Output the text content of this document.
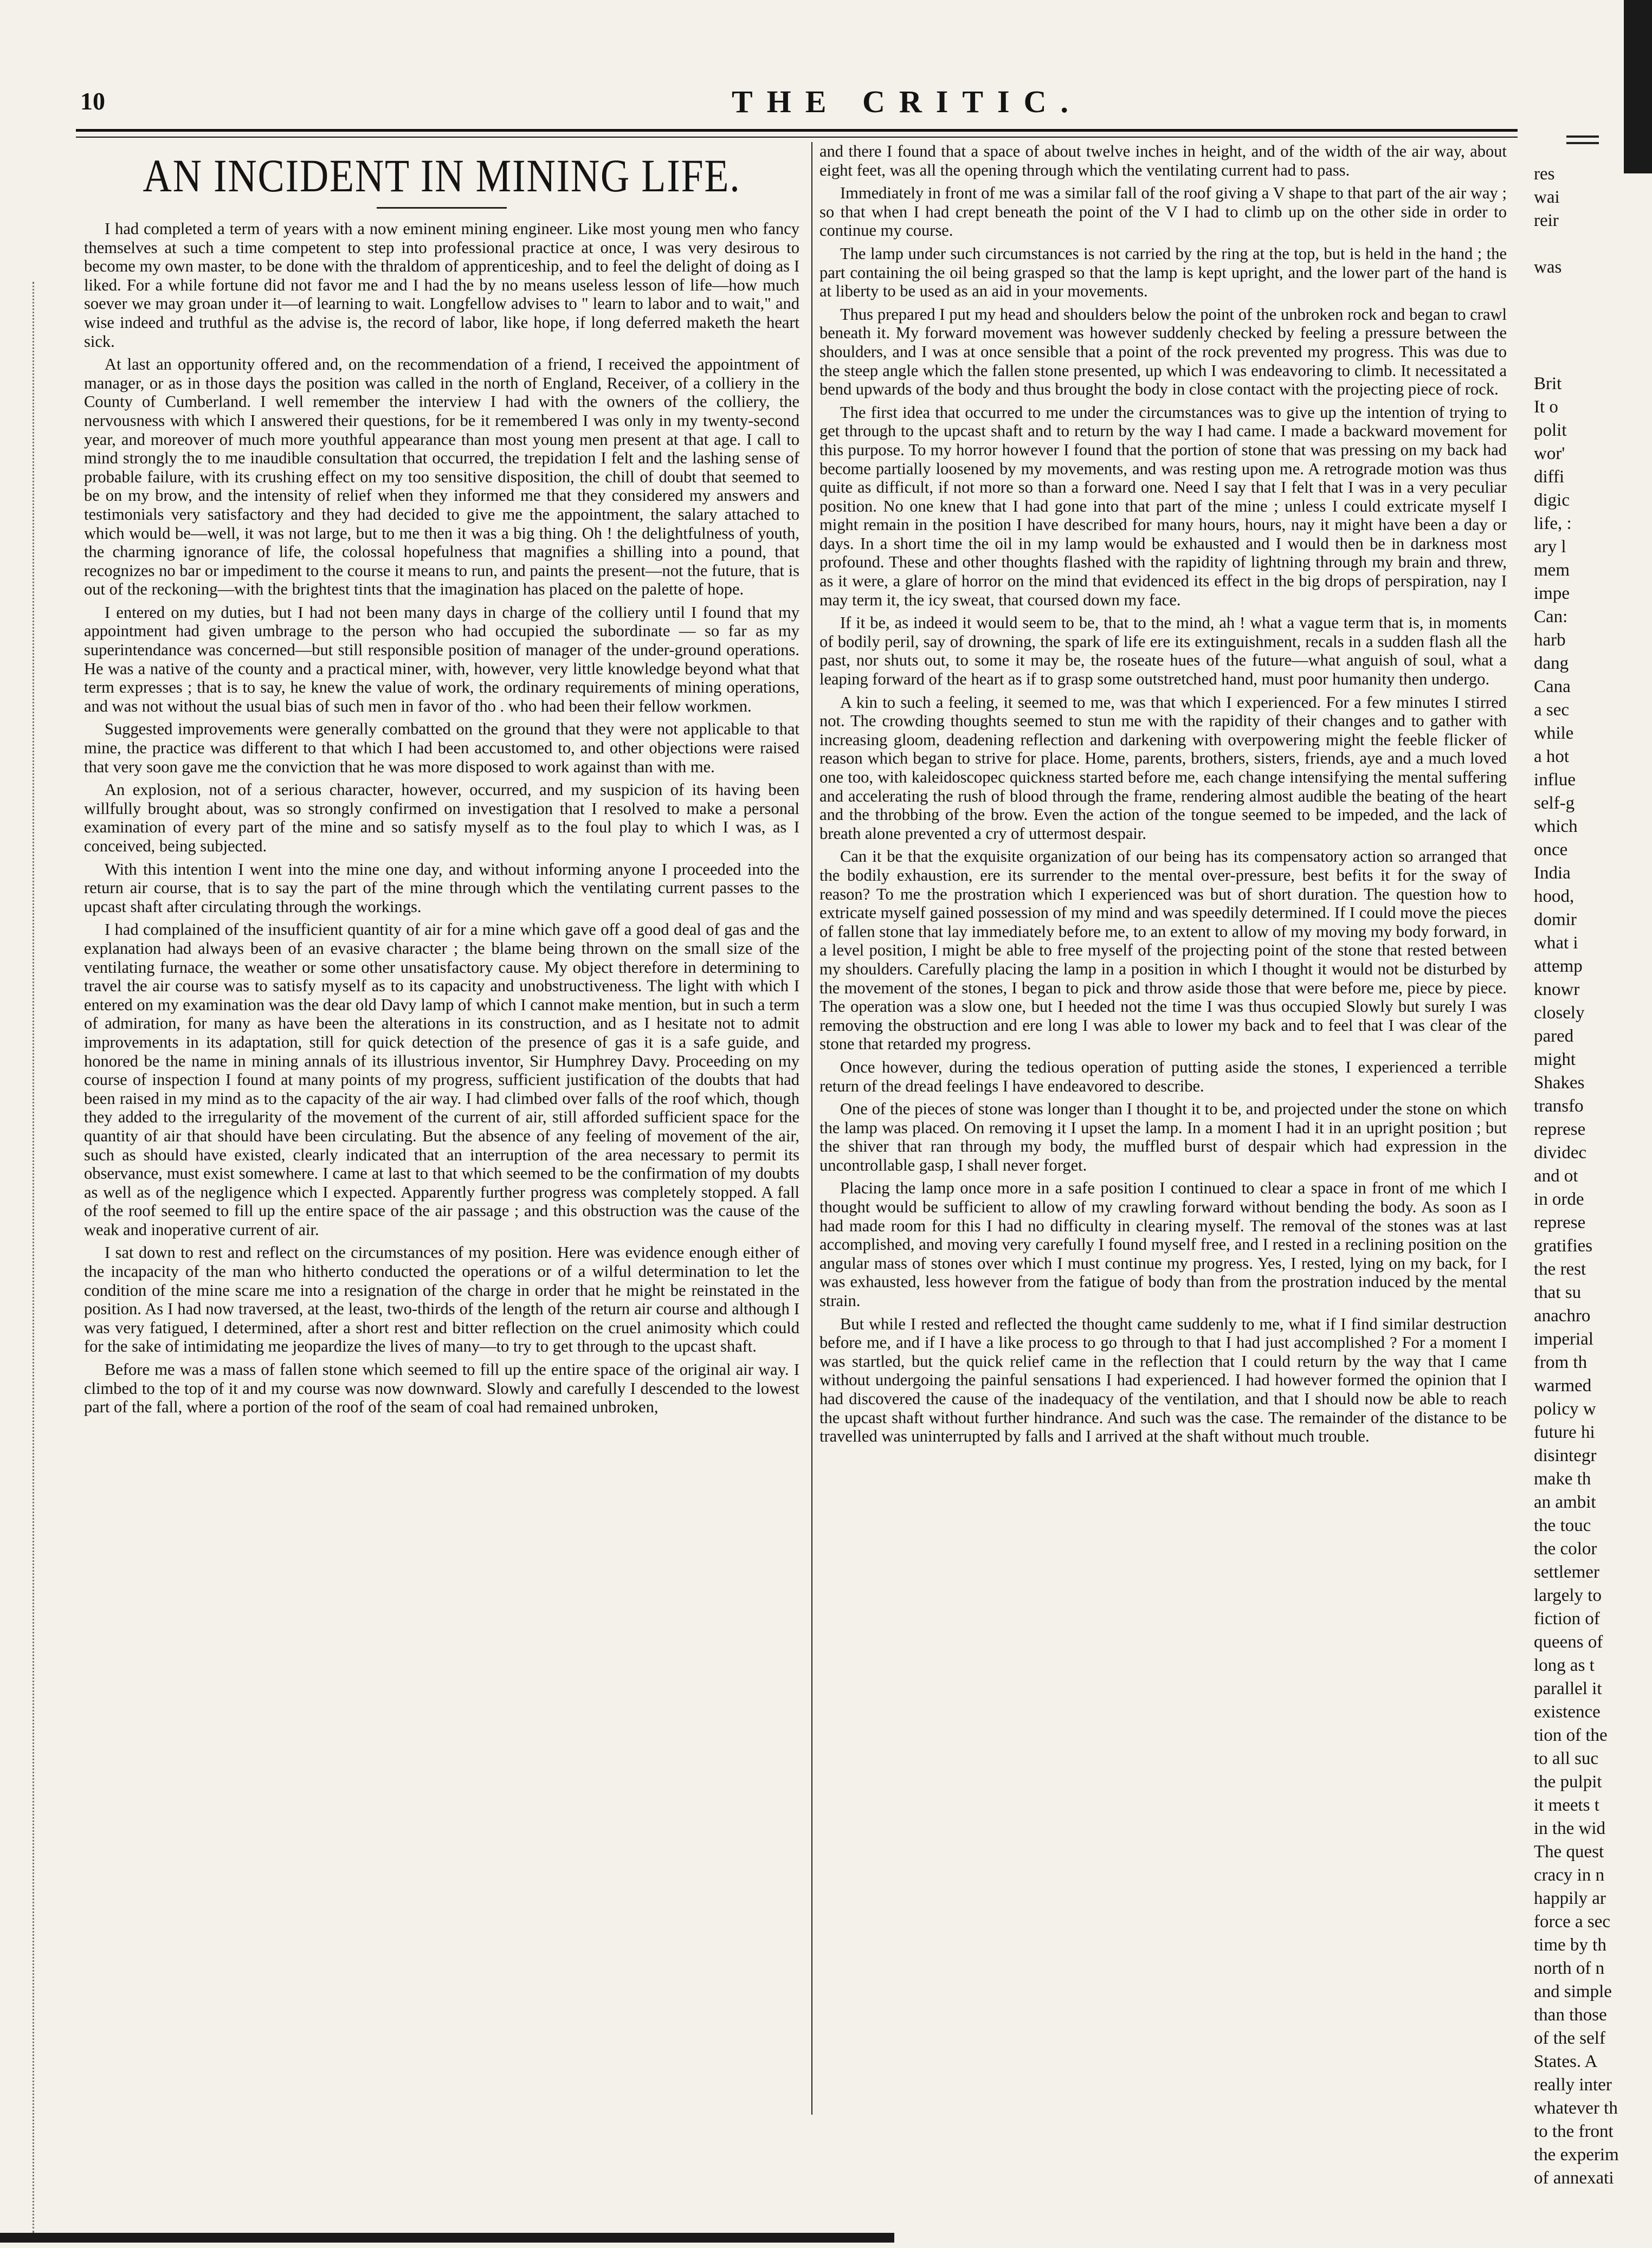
10	THE CRITIC.
AN INCIDENT IN MINING LIFE.

I had completed a term of years with a now eminent mining engineer. Like most young men who fancy themselves at such a time competent to step into professional practice at once, I was very desirous to become my own master, to be done with the thraldom of apprenticeship, and to feel the delight of doing as I liked. For a while fortune did not favor me and I had the by no means useless lesson of life—how much soever we may groan under it—of learning to wait. Longfellow advises to " learn to labor and to wait," and wise indeed and truthful as the advise is, the record of labor, like hope, if long deferred maketh the heart sick.

At last an opportunity offered and, on the recommendation of a friend, I received the appointment of manager, or as in those days the position was called in the north of England, Receiver, of a colliery in the County of Cumberland. I well remember the interview I had with the owners of the colliery, the nervousness with which I answered their questions, for be it remembered I was only in my twenty-second year, and moreover of much more youthful appearance than most young men present at that age. I call to mind strongly the to me inaudible consultation that occurred, the trepidation I felt and the lashing sense of probable failure, with its crushing effect on my too sensitive disposition, the chill of doubt that seemed to be on my brow, and the intensity of relief when they informed me that they considered my answers and testimonials very satisfactory and they had decided to give me the appointment, the salary attached to which would be—well, it was not large, but to me then it was a big thing. Oh ! the delightfulness of youth, the charming ignorance of life, the colossal hopefulness that magnifies a shilling into a pound, that recognizes no bar or impediment to the course it means to run, and paints the present—not the future, that is out of the reckoning—with the brightest tints that the imagination has placed on the palette of hope.

I entered on my duties, but I had not been many days in charge of the colliery until I found that my appointment had given umbrage to the person who had occupied the subordinate — so far as my superintendance was concerned—but still responsible position of manager of the under-ground operations. He was a native of the county and a practical miner, with, however, very little knowledge beyond what that term expresses ; that is to say, he knew the value of work, the ordinary requirements of mining operations, and was not without the usual bias of such men in favor of tho . who had been their fellow workmen.

Suggested improvements were generally combatted on the ground that they were not applicable to that mine, the practice was different to that which I had been accustomed to, and other objections were raised that very soon gave me the conviction that he was more disposed to work against than with me.

An explosion, not of a serious character, however, occurred, and my suspicion of its having been willfully brought about, was so strongly confirmed on investigation that I resolved to make a personal examination of every part of the mine and so satisfy myself as to the foul play to which I was, as I conceived, being subjected.

With this intention I went into the mine one day, and without informing anyone I proceeded into the return air course, that is to say the part of the mine through which the ventilating current passes to the upcast shaft after circulating through the workings.

I had complained of the insufficient quantity of air for a mine which gave off a good deal of gas and the explanation had always been of an evasive character ; the blame being thrown on the small size of the ventilating furnace, the weather or some other unsatisfactory cause. My object therefore in determining to travel the air course was to satisfy myself as to its capacity and unobstructiveness. The light with which I entered on my examination was the dear old Davy lamp of which I cannot make mention, but in such a term of admiration, for many as have been the alterations in its construction, and as I hesitate not to admit improvements in its adaptation, still for quick detection of the presence of gas it is a safe guide, and honored be the name in mining annals of its illustrious inventor, Sir Humphrey Davy. Proceeding on my course of inspection I found at many points of my progress, sufficient justification of the doubts that had been raised in my mind as to the capacity of the air way. I had climbed over falls of the roof which, though they added to the irregularity of the movement of the current of air, still afforded sufficient space for the quantity of air that should have been circulating. But the absence of any feeling of movement of the air, such as should have existed, clearly indicated that an interruption of the area necessary to permit its observance, must exist somewhere. I came at last to that which seemed to be the confirmation of my doubts as well as of the negligence which I expected. Apparently further progress was completely stopped. A fall of the roof seemed to fill up the entire space of the air passage ; and this obstruction was the cause of the weak and inoperative current of air.

I sat down to rest and reflect on the circumstances of my position. Here was evidence enough either of the incapacity of the man who hitherto conducted the operations or of a wilful determination to let the condition of the mine scare me into a resignation of the charge in order that he might be reinstated in the position. As I had now traversed, at the least, two-thirds of the length of the return air course and although I was very fatigued, I determined, after a short rest and bitter reflection on the cruel animosity which could for the sake of intimidating me jeopardize the lives of many—to try to get through to the upcast shaft.

Before me was a mass of fallen stone which seemed to fill up the entire space of the original air way. I climbed to the top of it and my course was now downward. Slowly and carefully I descended to the lowest part of the fall, where a portion of the roof of the seam of coal had remained unbroken,

and there I found that a space of about twelve inches in height, and of the width of the air way, about eight feet, was all the opening through which the ventilating current had to pass.

Immediately in front of me was a similar fall of the roof giving a V shape to that part of the air way ; so that when I had crept beneath the point of the V I had to climb up on the other side in order to continue my course.

The lamp under such circumstances is not carried by the ring at the top, but is held in the hand ; the part containing the oil being grasped so that the lamp is kept upright, and the lower part of the hand is at liberty to be used as an aid in your movements.

Thus prepared I put my head and shoulders below the point of the unbroken rock and began to crawl beneath it. My forward movement was however suddenly checked by feeling a pressure between the shoulders, and I was at once sensible that a point of the rock prevented my progress. This was due to the steep angle which the fallen stone presented, up which I was endeavoring to climb. It necessitated a bend upwards of the body and thus brought the body in close contact with the projecting piece of rock.

The first idea that occurred to me under the circumstances was to give up the intention of trying to get through to the upcast shaft and to return by the way I had came. I made a backward movement for this purpose. To my horror however I found that the portion of stone that was pressing on my back had become partially loosened by my movements, and was resting upon me. A retrograde motion was thus quite as difficult, if not more so than a forward one. Need I say that I felt that I was in a very peculiar position. No one knew that I had gone into that part of the mine ; unless I could extricate myself I might remain in the position I have described for many hours, hours, nay it might have been a day or days. In a short time the oil in my lamp would be exhausted and I would then be in darkness most profound. These and other thoughts flashed with the rapidity of lightning through my brain and threw, as it were, a glare of horror on the mind that evidenced its effect in the big drops of perspiration, nay I may term it, the icy sweat, that coursed down my face.

If it be, as indeed it would seem to be, that to the mind, ah ! what a vague term that is, in moments of bodily peril, say of drowning, the spark of life ere its extinguishment, recals in a sudden flash all the past, nor shuts out, to some it may be, the roseate hues of the future—what anguish of soul, what a leaping forward of the heart as if to grasp some outstretched hand, must poor humanity then undergo.

A kin to such a feeling, it seemed to me, was that which I experienced. For a few minutes I stirred not. The crowding thoughts seemed to stun me with the rapidity of their changes and to gather with increasing gloom, deadening reflection and darkening with overpowering might the feeble flicker of reason which began to strive for place. Home, parents, brothers, sisters, friends, aye and a much loved one too, with kaleidoscopec quickness started before me, each change intensifying the mental suffering and accelerating the rush of blood through the frame, rendering almost audible the beating of the heart and the throbbing of the brow. Even the action of the tongue seemed to be impeded, and the lack of breath alone prevented a cry of uttermost despair.

Can it be that the exquisite organization of our being has its compensatory action so arranged that the bodily exhaustion, ere its surrender to the mental over-pressure, best befits it for the sway of reason? To me the prostration which I experienced was but of short duration. The question how to extricate myself gained possession of my mind and was speedily determined. If I could move the pieces of fallen stone that lay immediately before me, to an extent to allow of my moving my body forward, in a level position, I might be able to free myself of the projecting point of the stone that rested between my shoulders. Carefully placing the lamp in a position in which I thought it would not be disturbed by the movement of the stones, I began to pick and throw aside those that were before me, piece by piece. The operation was a slow one, but I heeded not the time I was thus occupied Slowly but surely I was removing the obstruction and ere long I was able to lower my back and to feel that I was clear of the stone that retarded my progress.

Once however, during the tedious operation of putting aside the stones, I experienced a terrible return of the dread feelings I have endeavored to describe.

One of the pieces of stone was longer than I thought it to be, and projected under the stone on which the lamp was placed. On removing it I upset the lamp. In a moment I had it in an upright position ; but the shiver that ran through my body, the muffled burst of despair which had expression in the uncontrollable gasp, I shall never forget.

Placing the lamp once more in a safe position I continued to clear a space in front of me which I thought would be sufficient to allow of my crawling forward without bending the body. As soon as I had made room for this I had no difficulty in clearing myself. The removal of the stones was at last accomplished, and moving very carefully I found myself free, and I rested in a reclining position on the angular mass of stones over which I must continue my progress. Yes, I rested, lying on my back, for I was exhausted, less however from the fatigue of body than from the prostration induced by the mental strain.

But while I rested and reflected the thought came suddenly to me, what if I find similar destruction before me, and if I have a like process to go through to that I had just accomplished ? For a moment I was startled, but the quick relief came in the reflection that I could return by the way that I came without undergoing the painful sensations I had experienced. I had however formed the opinion that I had discovered the cause of the inadequacy of the ventilation, and that I should now be able to reach the upcast shaft without further hindrance. And such was the case. The remainder of the distance to be travelled was uninterrupted by falls and I arrived at the shaft without much trouble.

res
wai
reir
was
Brit
It o
polit
wor'
diffi
digic
life, :
ary l
mem
impe
Can:
harb
dang
Cana
a sec
while
a hot
influe
self-g
which
once
India
hood,
domir
what i
attemp
knowr
closely
pared
might
Shakes
transfo
represe
dividec
and ot
in orde
represe
gratifies
the rest
that su
anachro
imperial
from th
warmed
policy w
future hi
disintegr
make th
an ambit
the touc
the color
settlemer
largely to
fiction of
queens of
long as t
parallel it
existence
tion of the
to all suc
the pulpit
it meets t
in the wid
The quest
cracy in n
happily ar
force a sec
time by th
north of n
and simple
than those
of the self
States. A
really inter
whatever th
to the front
the experim
of annexati
